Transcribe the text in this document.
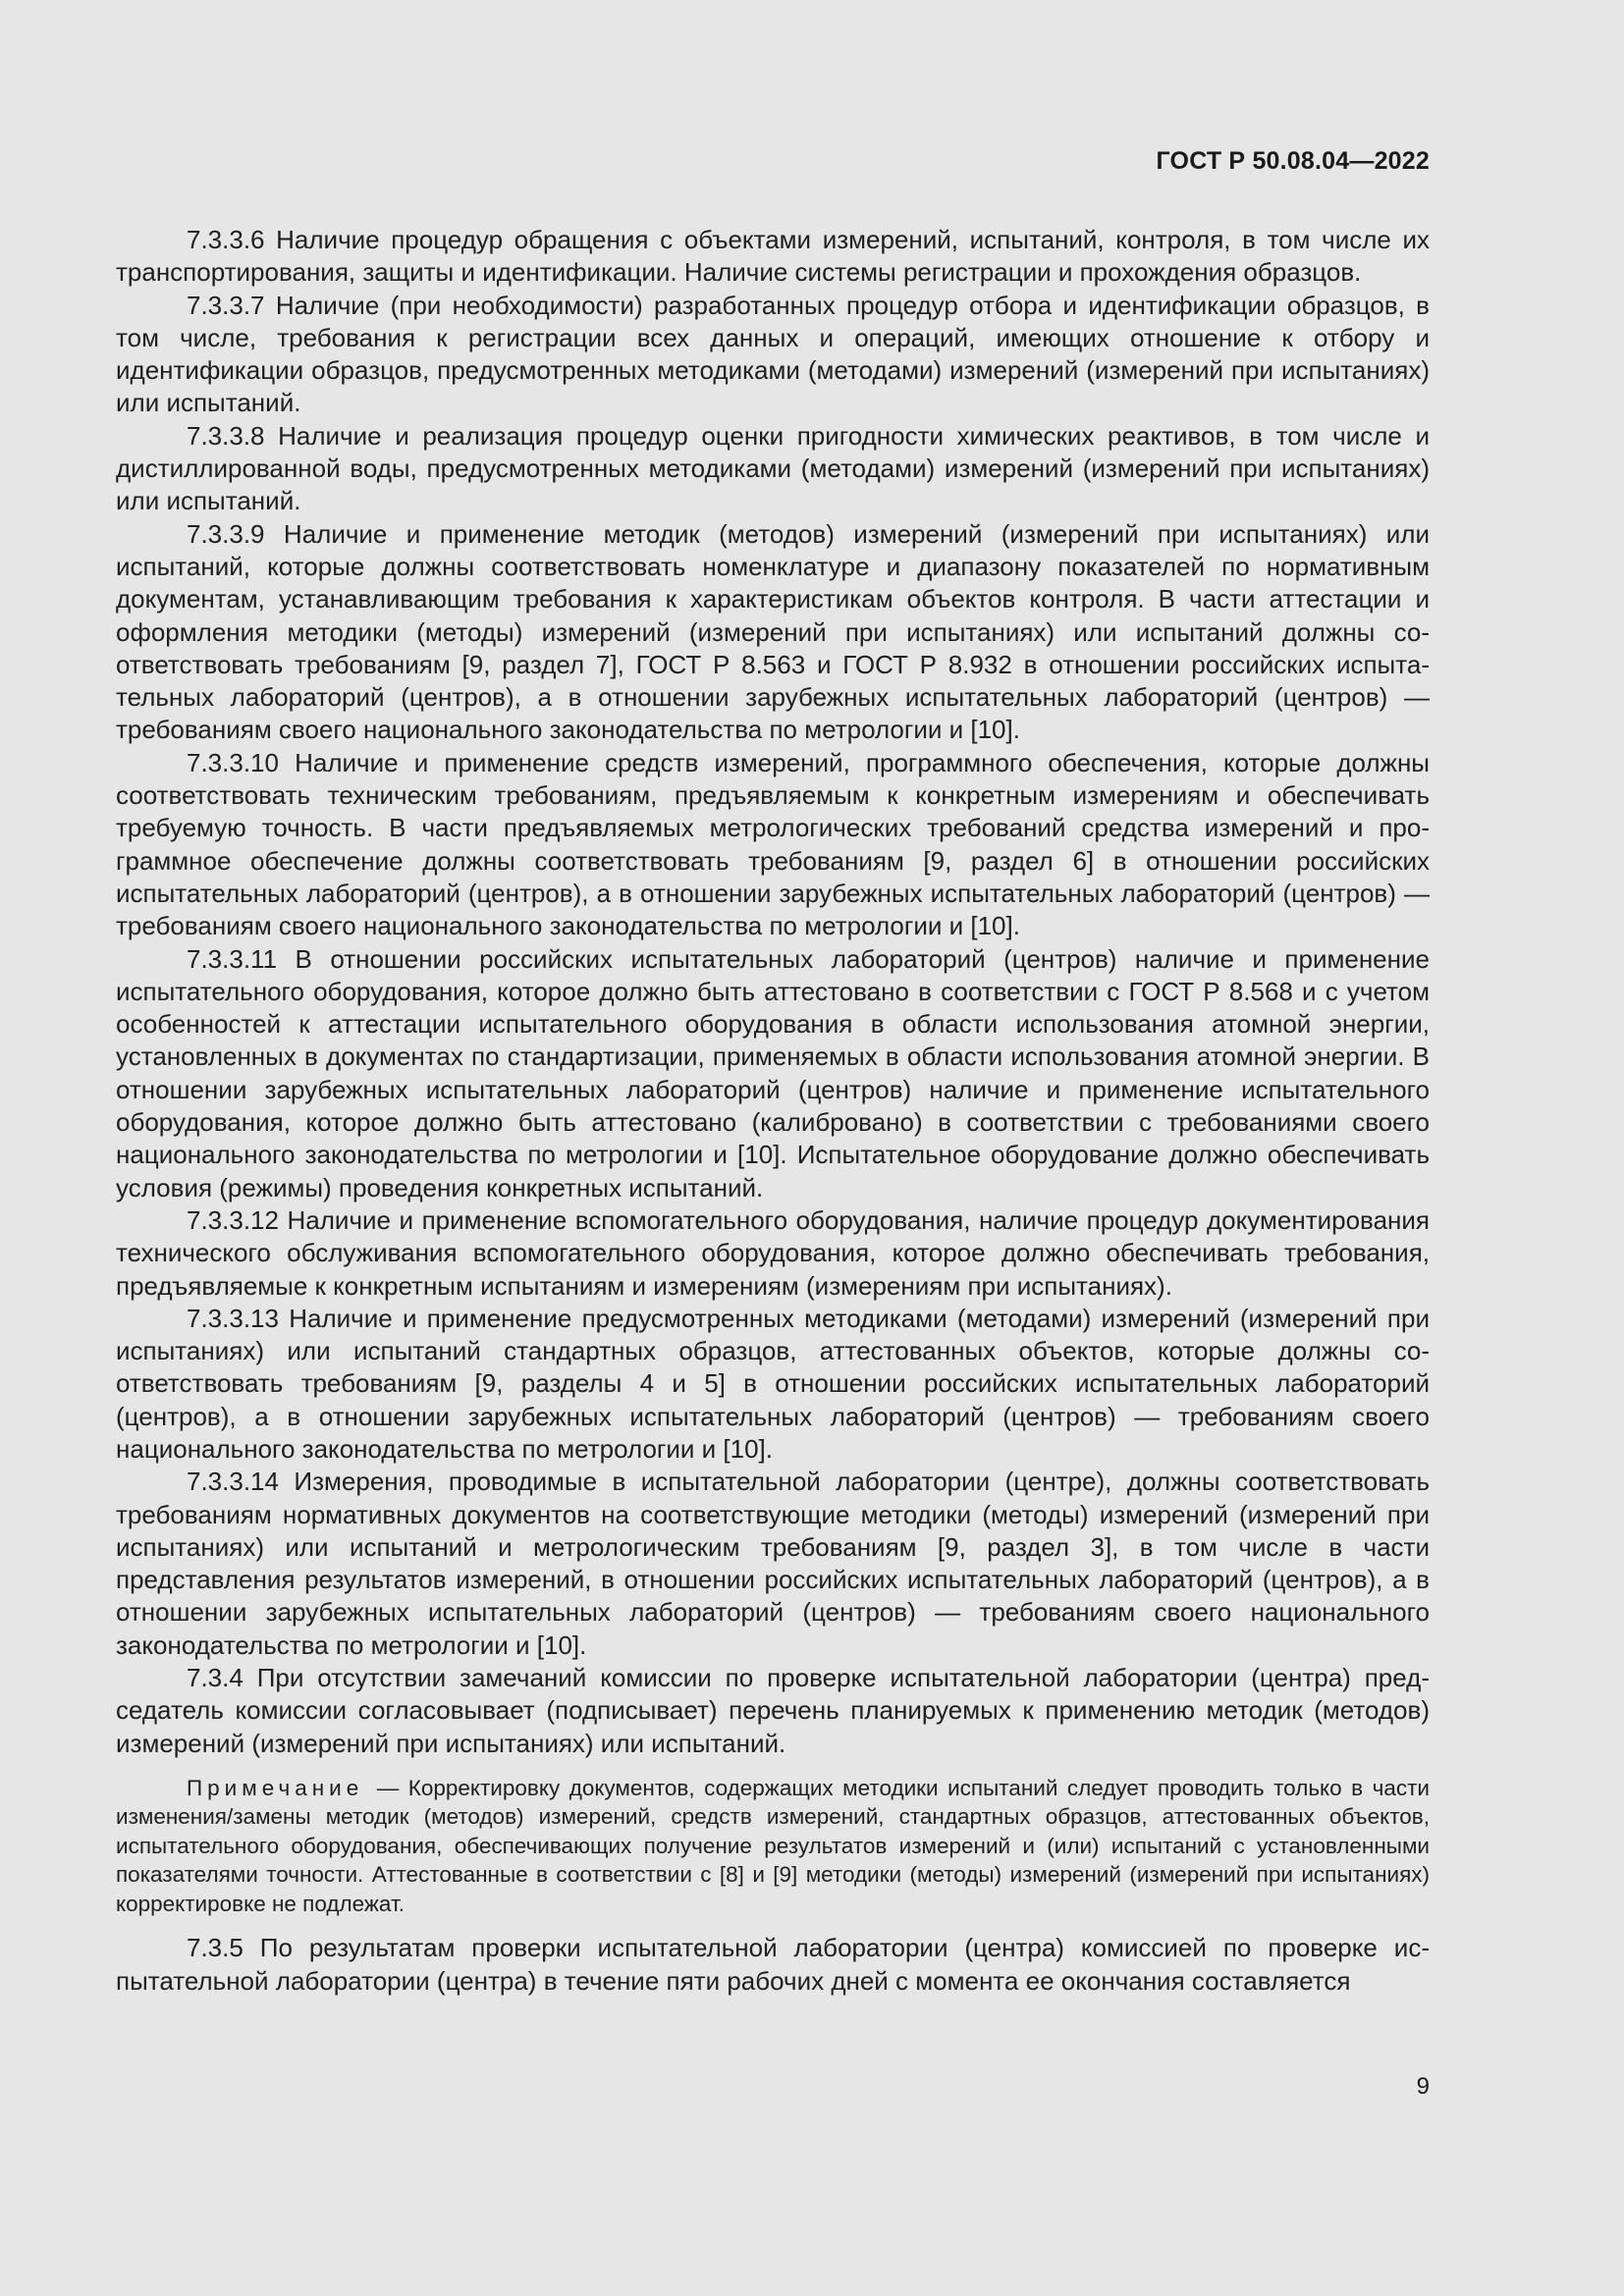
ГОСТ Р 50.08.04—2022

7.3.3.6 Наличие процедур обращения с объектами измерений, испытаний, контроля, в том числе их транспортирования, защиты и идентификации. Наличие системы регистрации и прохождения образцов.

7.3.3.7 Наличие (при необходимости) разработанных процедур отбора и идентификации образцов, в том числе, требования к регистрации всех данных и операций, имеющих отношение к отбору и идентификации образцов, предусмотренных методиками (методами) измерений (измерений при испытаниях) или испытаний.

7.3.3.8 Наличие и реализация процедур оценки пригодности химических реактивов, в том числе и дистиллированной воды, предусмотренных методиками (методами) измерений (измерений при испытаниях) или испытаний.

7.3.3.9 Наличие и применение методик (методов) измерений (измерений при испытаниях) или испытаний, которые должны соответствовать номенклатуре и диапазону показателей по нормативным документам, устанавливающим требования к характеристикам объектов контроля. В части аттестации и оформления методики (методы) измерений (измерений при испытаниях) или испытаний должны соответствовать требованиям [9, раздел 7], ГОСТ Р 8.563 и ГОСТ Р 8.932 в отношении российских испытательных лабораторий (центров), а в отношении зарубежных испытательных лабораторий (центров) — требованиям своего национального законодательства по метрологии и [10].

7.3.3.10 Наличие и применение средств измерений, программного обеспечения, которые должны соответствовать техническим требованиям, предъявляемым к конкретным измерениям и обеспечивать требуемую точность. В части предъявляемых метрологических требований средства измерений и программное обеспечение должны соответствовать требованиям [9, раздел 6] в отношении российских испытательных лабораторий (центров), а в отношении зарубежных испытательных лабораторий (центров) — требованиям своего национального законодательства по метрологии и [10].

7.3.3.11 В отношении российских испытательных лабораторий (центров) наличие и применение испытательного оборудования, которое должно быть аттестовано в соответствии с ГОСТ Р 8.568 и с учетом особенностей к аттестации испытательного оборудования в области использования атомной энергии, установленных в документах по стандартизации, применяемых в области использования атомной энергии. В отношении зарубежных испытательных лабораторий (центров) наличие и применение испытательного оборудования, которое должно быть аттестовано (калибровано) в соответствии с требованиями своего национального законодательства по метрологии и [10]. Испытательное оборудование должно обеспечивать условия (режимы) проведения конкретных испытаний.

7.3.3.12 Наличие и применение вспомогательного оборудования, наличие процедур документирования технического обслуживания вспомогательного оборудования, которое должно обеспечивать требования, предъявляемые к конкретным испытаниям и измерениям (измерениям при испытаниях).

7.3.3.13 Наличие и применение предусмотренных методиками (методами) измерений (измерений при испытаниях) или испытаний стандартных образцов, аттестованных объектов, которые должны соответствовать требованиям [9, разделы 4 и 5] в отношении российских испытательных лабораторий (центров), а в отношении зарубежных испытательных лабораторий (центров) — требованиям своего национального законодательства по метрологии и [10].

7.3.3.14 Измерения, проводимые в испытательной лаборатории (центре), должны соответствовать требованиям нормативных документов на соответствующие методики (методы) измерений (измерений при испытаниях) или испытаний и метрологическим требованиям [9, раздел 3], в том числе в части представления результатов измерений, в отношении российских испытательных лабораторий (центров), а в отношении зарубежных испытательных лабораторий (центров) — требованиям своего национального законодательства по метрологии и [10].

7.3.4 При отсутствии замечаний комиссии по проверке испытательной лаборатории (центра) председатель комиссии согласовывает (подписывает) перечень планируемых к применению методик (методов) измерений (измерений при испытаниях) или испытаний.

Примечание — Корректировку документов, содержащих методики испытаний следует проводить только в части изменения/замены методик (методов) измерений, средств измерений, стандартных образцов, аттестованных объектов, испытательного оборудования, обеспечивающих получение результатов измерений и (или) испытаний с установленными показателями точности. Аттестованные в соответствии с [8] и [9] методики (методы) измерений (измерений при испытаниях) корректировке не подлежат.

7.3.5 По результатам проверки испытательной лаборатории (центра) комиссией по проверке испытательной лаборатории (центра) в течение пяти рабочих дней с момента ее окончания составляется

9
